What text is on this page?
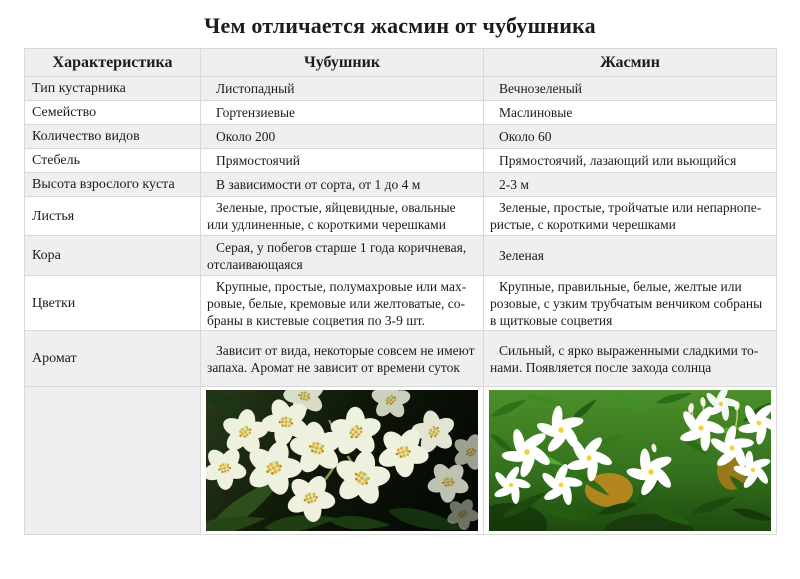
Чем отличается жасмин от чубушника
Характеристика	Чубушник	Жасмин
Тип кустарника	Листопадный	Вечнозеленый
Семейство	Гортензиевые	Маслиновые
Количество видов	Около 200	Около 60
Стебель	Прямостоячий	Прямостоячий, лазающий или вьющийся
Высота взрослого куста	В зависимости от сорта, от 1 до 4 м	2-3 м
Листья	Зеленые, простые, яйцевидные, овальные или удлиненные, с короткими черешками	Зеленые, простые, тройчатые или непарноперистые, с короткими черешками
Кора	Серая, у побегов старше 1 года коричневая, отслаивающаяся	Зеленая
Цветки	Крупные, простые, полумахровые или махровые, белые, кремовые или желтоватые, собраны в кистевые соцветия по 3-9 шт.	Крупные, правильные, белые, желтые или розовые, с узким трубчатым венчиком собраны в щитковые соцветия
Аромат	Зависит от вида, некоторые совсем не имеют запаха. Аромат не зависит от времени суток	Сильный, с ярко выраженными сладкими тонами. Появляется после захода солнца
